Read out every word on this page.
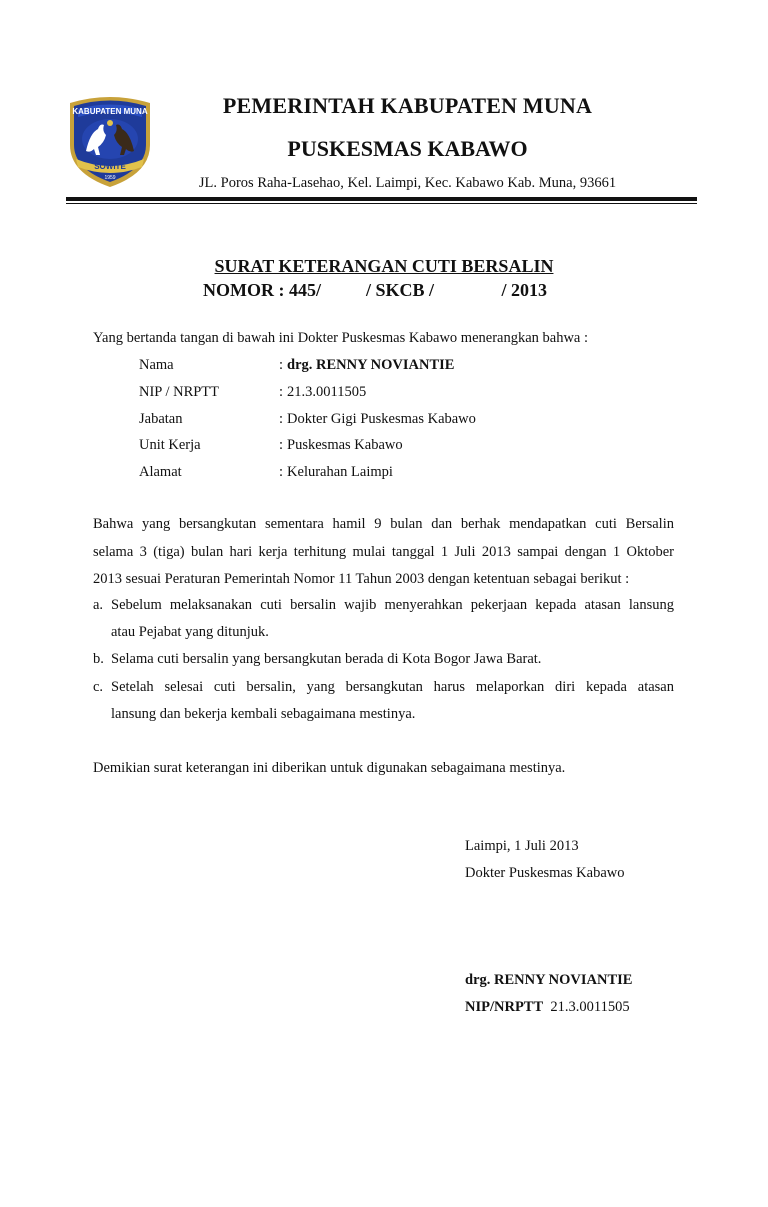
KABUPATEN MUNA
SOWITE
1959
PEMERINTAH KABUPATEN MUNA
PUSKESMAS KABAWO
JL. Poros Raha-Lasehao, Kel. Laimpi, Kec. Kabawo Kab. Muna, 93661
SURAT KETERANGAN CUTI BERSALIN
NOMOR : 445/          / SKCB /               / 2013
Yang bertanda tangan di bawah ini Dokter Puskesmas Kabawo menerangkan bahwa :
Nama	: drg. RENNY NOVIANTIE
NIP / NRPTT	: 21.3.0011505
Jabatan	: Dokter Gigi Puskesmas Kabawo
Unit Kerja	: Puskesmas Kabawo
Alamat	: Kelurahan Laimpi
Bahwa yang bersangkutan sementara hamil 9 bulan dan berhak mendapatkan cuti Bersalin
selama 3 (tiga) bulan hari kerja terhitung mulai tanggal 1 Juli 2013 sampai dengan 1 Oktober
2013 sesuai Peraturan Pemerintah Nomor 11 Tahun 2003 dengan ketentuan sebagai berikut :
a. Sebelum melaksanakan cuti bersalin wajib menyerahkan pekerjaan kepada atasan lansung
atau Pejabat yang ditunjuk.
b. Selama cuti bersalin yang bersangkutan berada di Kota Bogor Jawa Barat.
c. Setelah selesai cuti bersalin, yang bersangkutan harus melaporkan diri kepada atasan
lansung dan bekerja kembali sebagaimana mestinya.
Demikian surat keterangan ini diberikan untuk digunakan sebagaimana mestinya.
Laimpi, 1 Juli 2013
Dokter Puskesmas Kabawo
drg. RENNY NOVIANTIE
NIP/NRPTT 21.3.0011505
